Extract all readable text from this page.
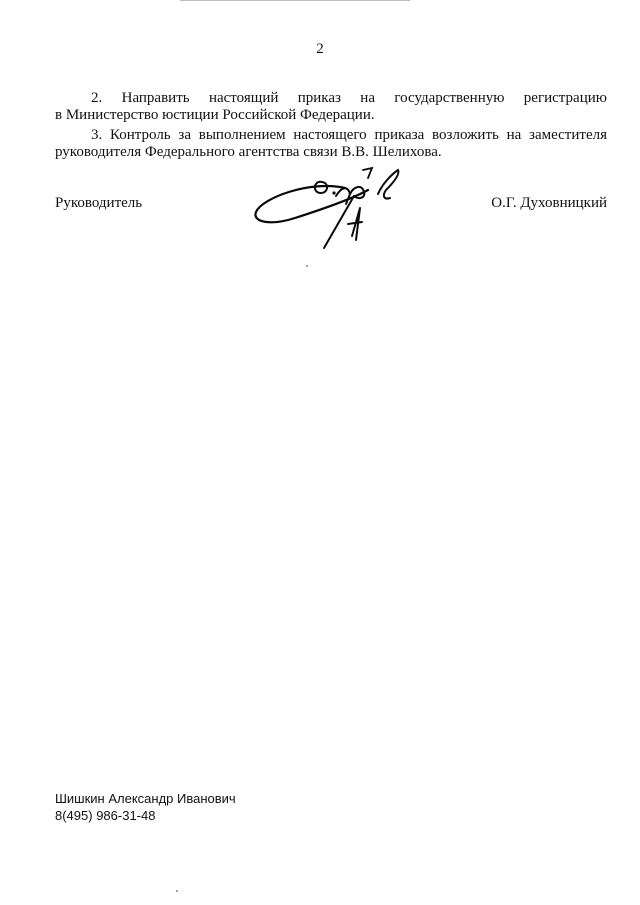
2
2. Направить настоящий приказ на государственную регистрацию
в Министерство юстиции Российской Федерации.
3. Контроль за выполнением настоящего приказа возложить на заместителя
руководителя Федерального агентства связи В.В. Шелихова.
Руководитель	О.Г. Духовницкий
Шишкин Александр Иванович
8(495) 986-31-48
